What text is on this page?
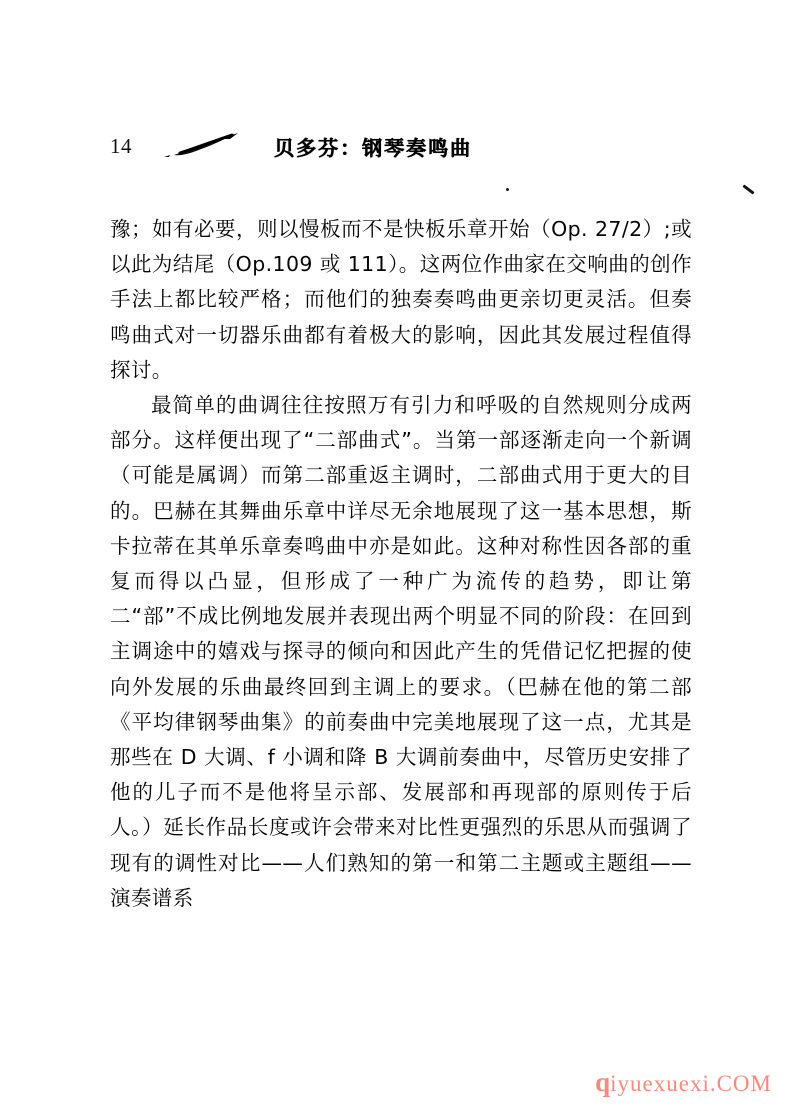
14	贝多芬：钢琴奏鸣曲

豫；如有必要，则以慢板而不是快板乐章开始（Op. 27/2）;或以此为结尾（Op.109 或 111）。这两位作曲家在交响曲的创作手法上都比较严格；而他们的独奏奏鸣曲更亲切更灵活。但奏鸣曲式对一切器乐曲都有着极大的影响，因此其发展过程值得探讨。

最简单的曲调往往按照万有引力和呼吸的自然规则分成两部分。这样便出现了“二部曲式”。当第一部逐渐走向一个新调（可能是属调）而第二部重返主调时，二部曲式用于更大的目的。巴赫在其舞曲乐章中详尽无余地展现了这一基本思想，斯卡拉蒂在其单乐章奏鸣曲中亦是如此。这种对称性因各部的重复而得以凸显，但形成了一种广为流传的趋势，即让第二“部”不成比例地发展并表现出两个明显不同的阶段：在回到主调途中的嬉戏与探寻的倾向和因此产生的凭借记忆把握的使向外发展的乐曲最终回到主调上的要求。（巴赫在他的第二部《平均律钢琴曲集》的前奏曲中完美地展现了这一点，尤其是那些在 D 大调、f 小调和降 B 大调前奏曲中，尽管历史安排了他的儿子而不是他将呈示部、发展部和再现部的原则传于后人。）延长作品长度或许会带来对比性更强烈的乐思从而强调了现有的调性对比——人们熟知的第一和第二主题或主题组——演奏谱系

qiyuexuexi.COM
